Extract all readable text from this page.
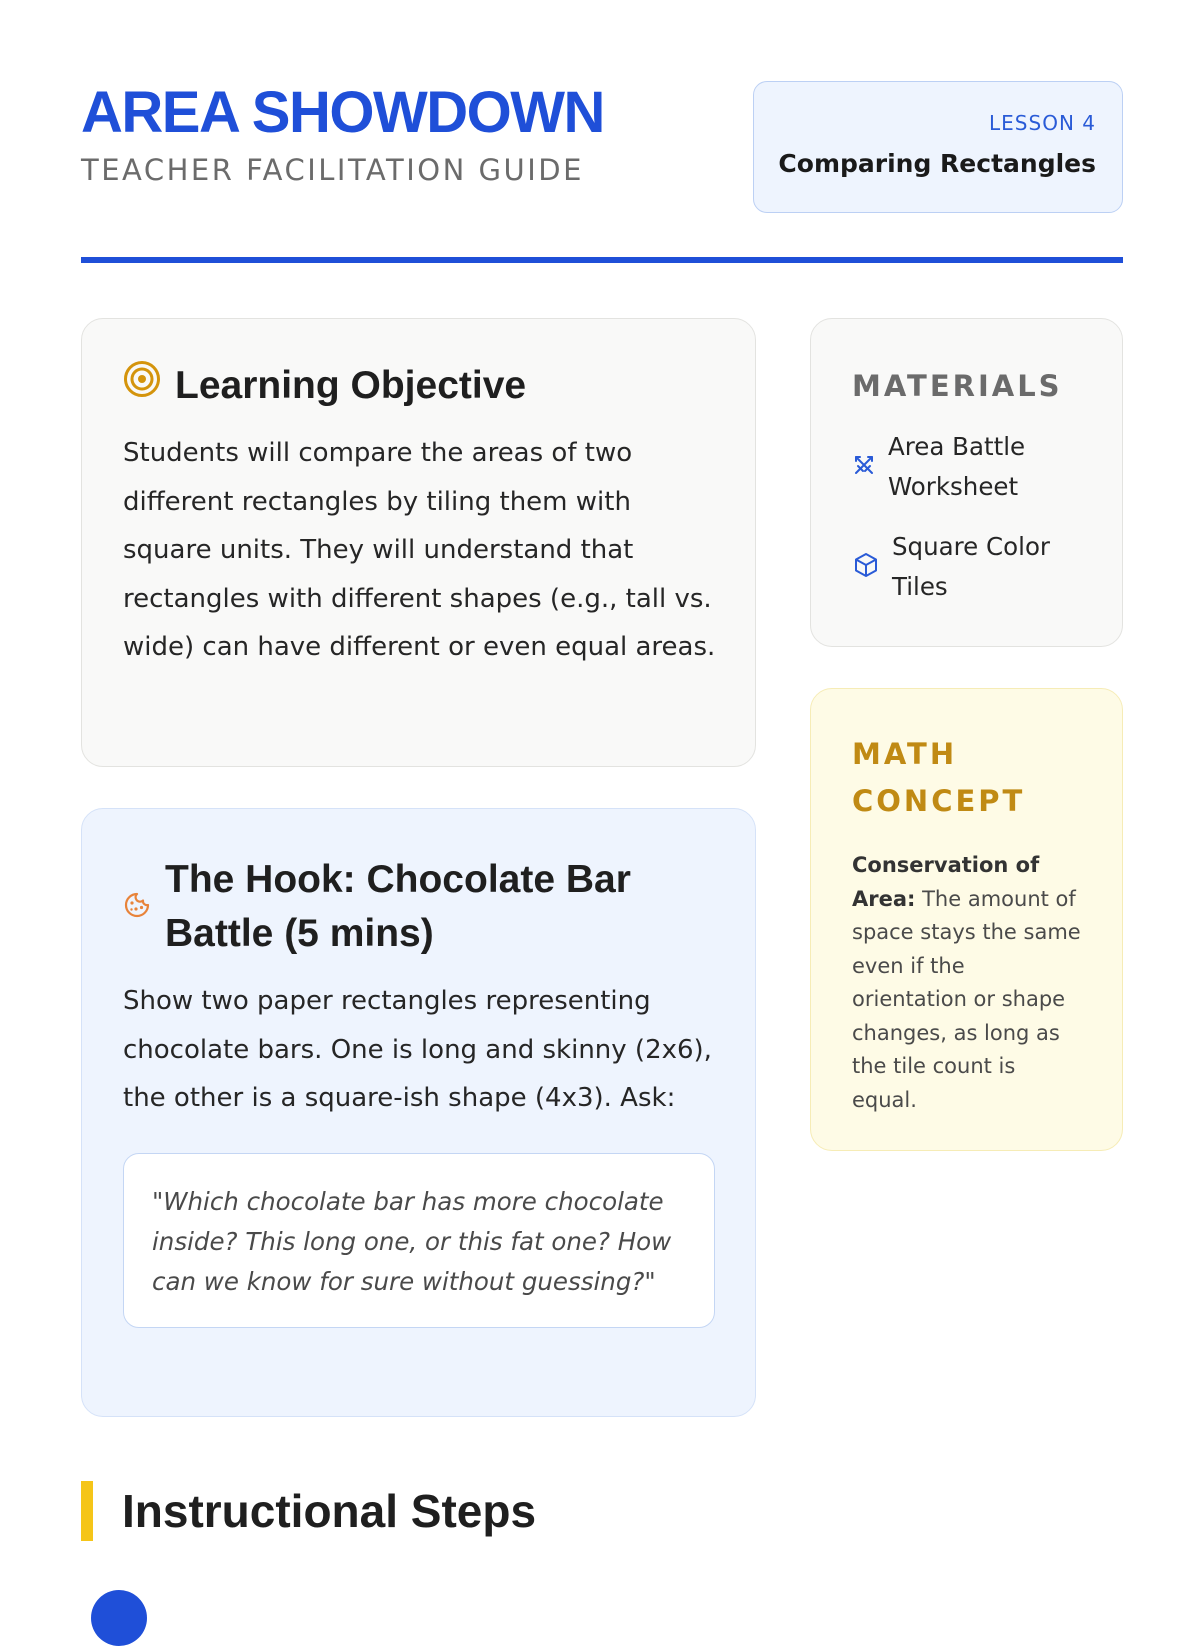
AREA SHOWDOWN
TEACHER FACILITATION GUIDE
LESSON 4
Comparing Rectangles
Learning Objective

Students will compare the areas of two different rectangles by tiling them with square units. They will understand that rectangles with different shapes (e.g., tall vs. wide) can have different or even equal areas.

The Hook: Chocolate Bar Battle (5 mins)

Show two paper rectangles representing chocolate bars. One is long and skinny (2x6), the other is a square-ish shape (4x3). Ask:

"Which chocolate bar has more chocolate inside? This long one, or this fat one? How can we know for sure without guessing?"
MATERIALS
Area Battle Worksheet
Square Color Tiles
MATH CONCEPT

Conservation of Area: The amount of space stays the same even if the orientation or shape changes, as long as the tile count is equal.

Instructional Steps
